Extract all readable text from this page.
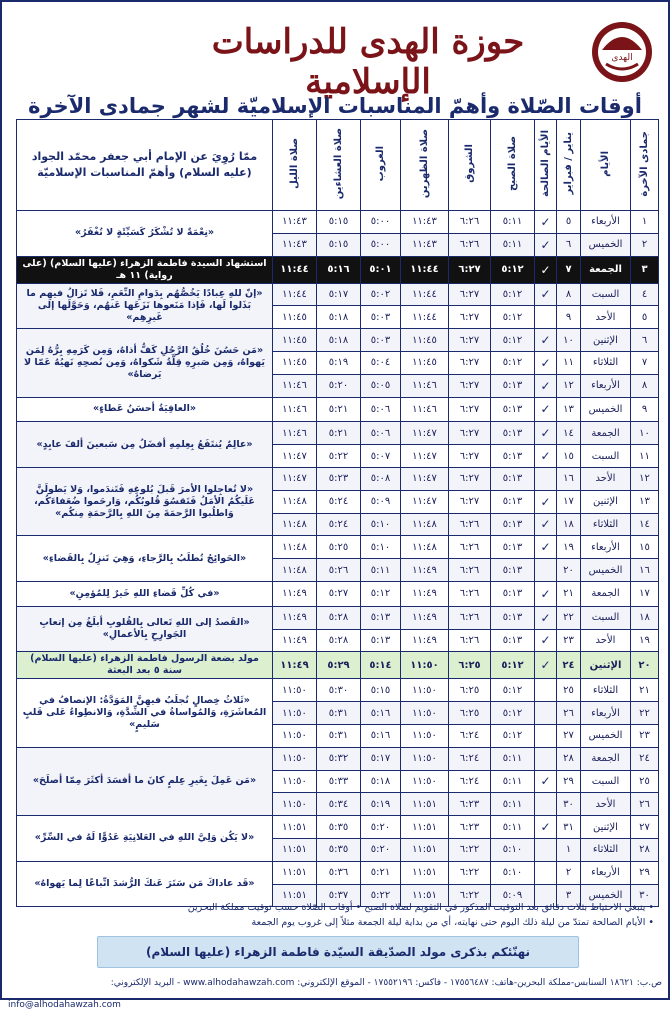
الهدى
حوزة الهدى للدراسات الإسلامية
أوقات الصّلاة وأهمّ المناسبات الإسلاميّة لشهر جمادى الآخرة
جمادى الآخرة	الأيام	يناير / فبراير	الأيام الصالحة	صلاة الصبح	الشروق	صلاة الظهرين	الغروب	صلاة العشاءين	صلاة الليل	ممّا رُوِيَ عن الإمام أبي جعفر محمّد الجواد (عليه السلام) وأهمّ المناسبات الإسلاميّة
١	الأربعاء	٥	✓	٥:١١	٦:٢٦	١١:٤٣	٥:٠٠	٥:١٥	١١:٤٣	«نِعْمَةٌ لا تُشْكَرُ كَسَيِّئَةٍ لا تُغْفَرُ»
٢	الخميس	٦	✓	٥:١١	٦:٢٦	١١:٤٣	٥:٠٠	٥:١٥	١١:٤٣	
٣	الجمعة	٧	✓	٥:١٢	٦:٢٧	١١:٤٤	٥:٠١	٥:١٦	١١:٤٤	استشهاد السيدة فاطمة الزهراء (عليها السلام) (على رواية) ١١ هـ
٤	السبت	٨	✓	٥:١٢	٦:٢٧	١١:٤٤	٥:٠٢	٥:١٧	١١:٤٤	«إنّ للهِ عِبادًا يَخُصُّهُم بِدَوامِ النِّعَمِ، فَلا تَزالُ فيهِم ما بَذَلوا لَها، فَإذا مَنَعوها نَزَعَها عَنهُم، وَحَوَّلَها إلى غَيرِهِم»
٥	الأحد	٩		٥:١٢	٦:٢٧	١١:٤٤	٥:٠٣	٥:١٨	١١:٤٥	
٦	الإثنين	١٠	✓	٥:١٢	٦:٢٧	١١:٤٥	٥:٠٣	٥:١٨	١١:٤٥	«مَن حَسُنَ خُلُقُ الرَّجُلِ كَفُّ أذاهُ، وَمِن كَرَمِهِ بِرُّهُ لِمَن يَهواهُ، وَمِن صَبرِهِ قِلَّةُ شَكواهُ، وَمِن نُصحِهِ نَهيُهُ عَمّا لا يَرضاهُ»
٧	الثلاثاء	١١	✓	٥:١٢	٦:٢٧	١١:٤٥	٥:٠٤	٥:١٩	١١:٤٥	
٨	الأربعاء	١٢	✓	٥:١٣	٦:٢٧	١١:٤٦	٥:٠٥	٥:٢٠	١١:٤٦	
٩	الخميس	١٣	✓	٥:١٣	٦:٢٧	١١:٤٦	٥:٠٦	٥:٢١	١١:٤٦	«العافِيَةُ أحسَنُ عَطاءٍ»
١٠	الجمعة	١٤	✓	٥:١٣	٦:٢٧	١١:٤٧	٥:٠٦	٥:٢١	١١:٤٦	«عالِمٌ يُنتَفَعُ بِعِلمِهِ أفضَلُ مِن سَبعينَ ألفَ عابِدٍ»
١١	السبت	١٥	✓	٥:١٣	٦:٢٧	١١:٤٧	٥:٠٧	٥:٢٢	١١:٤٧	
١٢	الأحد	١٦		٥:١٣	٦:٢٧	١١:٤٧	٥:٠٨	٥:٢٣	١١:٤٧	«لا تُعاجِلوا الأمرَ قَبلَ بُلوغِهِ فَتَندَموا، وَلا يَطولَنَّ عَلَيكُمُ الأمَلُ فَتَقسُوَ قُلوبُكُم، وَارحَموا ضُعَفاءَكُم، وَاطلُبوا الرَّحمَةَ مِنَ اللهِ بِالرَّحمَةِ مِنكُم»
١٣	الإثنين	١٧	✓	٥:١٣	٦:٢٧	١١:٤٧	٥:٠٩	٥:٢٤	١١:٤٨	
١٤	الثلاثاء	١٨	✓	٥:١٣	٦:٢٦	١١:٤٨	٥:١٠	٥:٢٤	١١:٤٨	
١٥	الأربعاء	١٩	✓	٥:١٣	٦:٢٦	١١:٤٨	٥:١٠	٥:٢٥	١١:٤٨	«الحَوائِجُ تُطلَبُ بِالرَّجاءِ، وَهِيَ تَنزِلُ بِالقَضاءِ»
١٦	الخميس	٢٠		٥:١٣	٦:٢٦	١١:٤٩	٥:١١	٥:٢٦	١١:٤٨	
١٧	الجمعة	٢١	✓	٥:١٣	٦:٢٦	١١:٤٩	٥:١٢	٥:٢٧	١١:٤٩	«في كُلِّ قَضاءِ اللهِ خَيرٌ لِلمُؤمِنِ»
١٨	السبت	٢٢	✓	٥:١٣	٦:٢٦	١١:٤٩	٥:١٣	٥:٢٨	١١:٤٩	«القَصدُ إلى اللهِ تَعالى بِالقُلوبِ أبلَغُ مِن إتعابِ الجَوارِحِ بِالأعمالِ»
١٩	الأحد	٢٣	✓	٥:١٣	٦:٢٦	١١:٤٩	٥:١٣	٥:٢٨	١١:٤٩	
٢٠	الإثنين	٢٤	✓	٥:١٢	٦:٢٥	١١:٥٠	٥:١٤	٥:٢٩	١١:٤٩	مولد بضعة الرسول فاطمة الزهراء (عليها السلام) سنة ٥ بعد البعثة
٢١	الثلاثاء	٢٥		٥:١٢	٦:٢٥	١١:٥٠	٥:١٥	٥:٣٠	١١:٥٠	«ثَلاثُ خِصالٍ تُجلَبُ فيهِنَّ المَوَدَّةُ: الإنصافُ في المُعاشَرَةِ، وَالمُواساةُ في الشِّدَّةِ، وَالانطِواءُ عَلى قَلبٍ سَليمٍ»
٢٢	الأربعاء	٢٦		٥:١٢	٦:٢٥	١١:٥٠	٥:١٦	٥:٣١	١١:٥٠	
٢٣	الخميس	٢٧		٥:١٢	٦:٢٤	١١:٥٠	٥:١٦	٥:٣١	١١:٥٠	
٢٤	الجمعة	٢٨		٥:١١	٦:٢٤	١١:٥٠	٥:١٧	٥:٣٢	١١:٥٠	«مَن عَمِلَ بِغَيرِ عِلمٍ كانَ ما أفسَدَ أكثَرَ مِمّا أصلَحَ»
٢٥	السبت	٢٩	✓	٥:١١	٦:٢٤	١١:٥٠	٥:١٨	٥:٣٣	١١:٥٠	
٢٦	الأحد	٣٠		٥:١١	٦:٢٣	١١:٥١	٥:١٩	٥:٣٤	١١:٥٠	
٢٧	الإثنين	٣١	✓	٥:١١	٦:٢٣	١١:٥١	٥:٢٠	٥:٣٥	١١:٥١	«لا يَكُن وَلِيَّ اللهِ في العَلانِيَةِ عَدُوًّا لَهُ في السِّرِّ»
٢٨	الثلاثاء	١		٥:١٠	٦:٢٢	١١:٥١	٥:٢٠	٥:٣٥	١١:٥١	
٢٩	الأربعاء	٢		٥:١٠	٦:٢٢	١١:٥١	٥:٢١	٥:٣٦	١١:٥١	«قَد عاداكَ مَن سَتَرَ عَنكَ الرُّشدَ اتِّباعًا لِما يَهواهُ»
٣٠	الخميس	٣		٥:٠٩	٦:٢٢	١١:٥١	٥:٢٢	٥:٣٧	١١:٥١	
• ينبغي الاحتياط بثلاث دقائق بعد التوقيت المذكور في التقويم لصلاة الصبح • أوقات الصّلاة حسب توقيت مملكة البحرين
• الأيام الصالحة تمتدّ من ليلة ذلك اليوم حتى نهايته، أي من بداية ليلة الجمعة مثلاً إلى غروب يوم الجمعة
نهنّئكم بذكرى مولد الصدّيقة السيّدة فاطمة الزهراء (عليها السلام)
ص.ب: ١٨٦٢١ السنابس-مملكة البحرين-هاتف: ١٧٥٥٦٤٨٧ - فاكس: ١٧٥٥٢١٩٦ - الموقع الإلكتروني: www.alhodahawzah.com - البريد الإلكتروني:
info@alhodahawzah.com
